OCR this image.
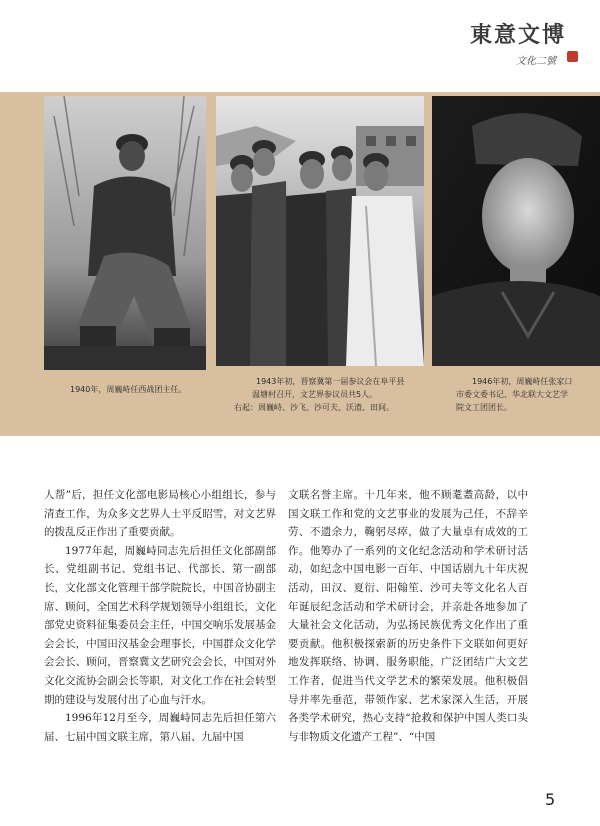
東意文博
文化二號
1940年，周巍峙任西战团主任。
1943年初，晋察冀第一届参议会在阜平县
温塘村召开，文艺界参议员共5人。
右起：周巍峙、沙飞、沙可夫、沃渣、田间。
1946年初，周巍峙任张家口
市委文委书记、华北联大文艺学
院文工团团长。

人帮”后，担任文化部电影局核心小组组长，参与清查工作，为众多文艺界人士平反昭雪，对文艺界的拨乱反正作出了重要贡献。

1977年起，周巍峙同志先后担任文化部副部长、党组副书记、党组书记、代部长、第一副部长，文化部文化管理干部学院院长，中国音协副主席、顾问，全国艺术科学规划领导小组组长，文化部党史资料征集委员会主任，中国交响乐发展基金会会长，中国田汉基金会理事长，中国群众文化学会会长、顾问，晋察冀文艺研究会会长，中国对外文化交流协会副会长等职，对文化工作在社会转型期的建设与发展付出了心血与汗水。

1996年12月至今，周巍峙同志先后担任第六届、七届中国文联主席，第八届、九届中国

文联名誉主席。十几年来，他不顾耄耋高龄，以中国文联工作和党的文艺事业的发展为己任，不辞辛劳、不遗余力，鞠躬尽瘁，做了大量卓有成效的工作。他筹办了一系列的文化纪念活动和学术研讨活动，如纪念中国电影一百年、中国话剧九十年庆祝活动，田汉、夏衍、阳翰笙、沙可夫等文化名人百年诞辰纪念活动和学术研讨会，并亲赴各地参加了大量社会文化活动，为弘扬民族优秀文化作出了重要贡献。他积极探索新的历史条件下文联如何更好地发挥联络、协调、服务职能，广泛团结广大文艺工作者，促进当代文学艺术的繁荣发展。他积极倡导并率先垂范，带领作家、艺术家深入生活，开展各类学术研究，热心支持“抢救和保护中国人类口头与非物质文化遗产工程”、“中国

5
